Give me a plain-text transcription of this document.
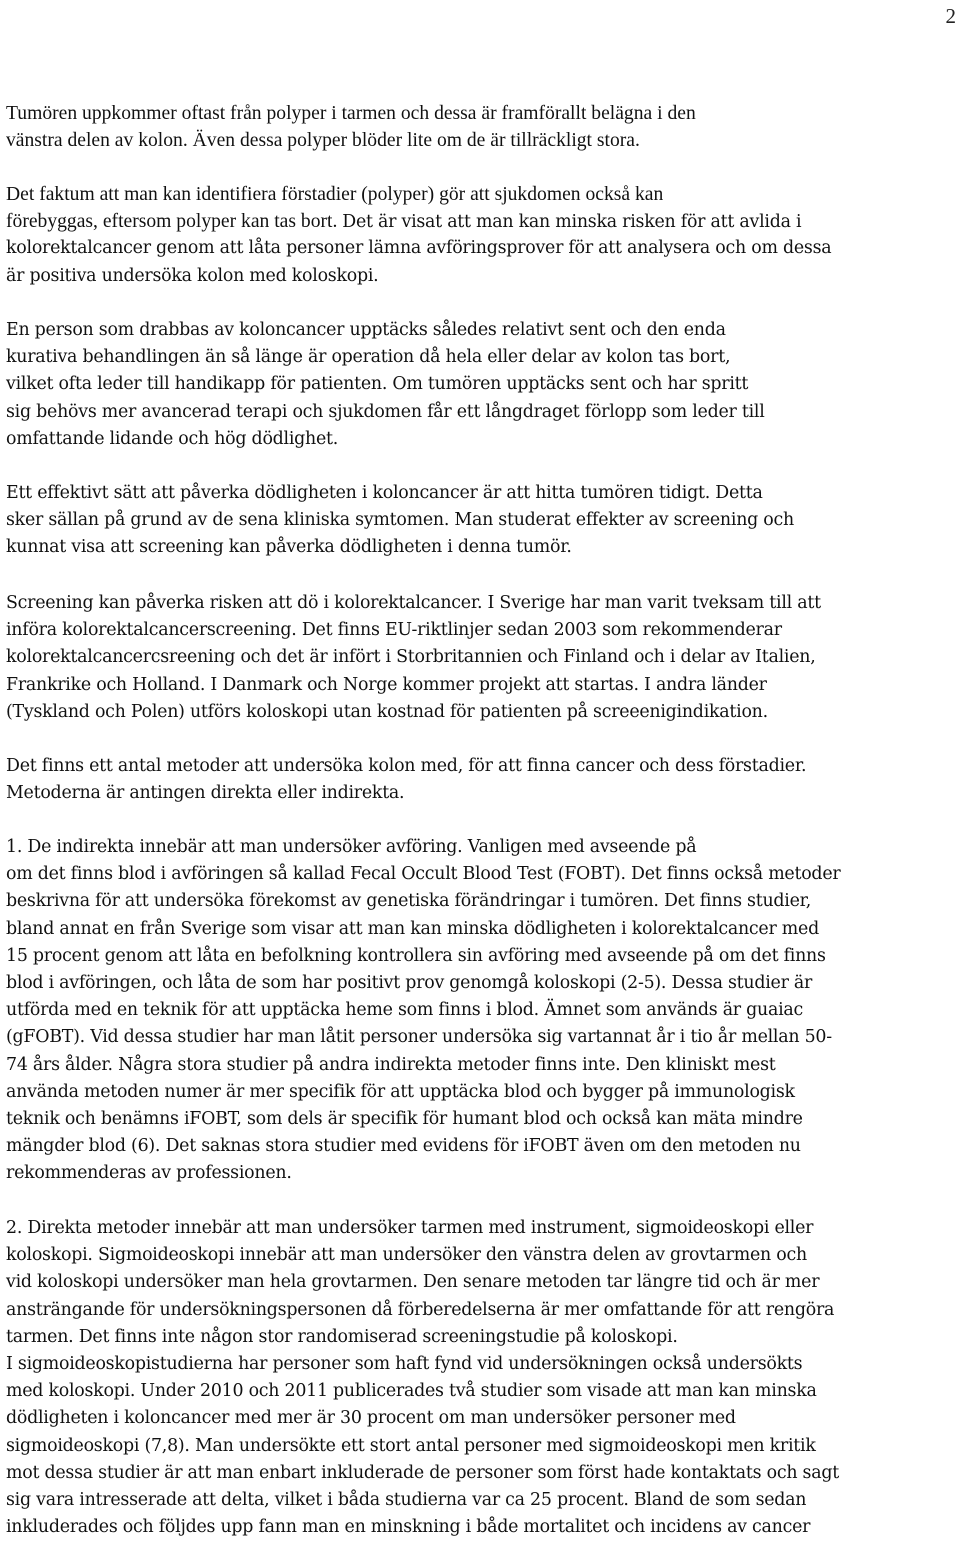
2
Tumören uppkommer oftast från polyper i tarmen och dessa är framförallt belägna i den
vänstra delen av kolon. Även dessa polyper blöder lite om de är tillräckligt stora.
Det faktum att man kan identifiera förstadier (polyper) gör att sjukdomen också kan
förebyggas, eftersom polyper kan tas bort. Det är visat att man kan minska risken för att avlida i
kolorektalcancer genom att låta personer lämna avföringsprover för att analysera och om dessa
är positiva undersöka kolon med koloskopi.
En person som drabbas av koloncancer upptäcks således relativt sent och den enda
kurativa behandlingen än så länge är operation då hela eller delar av kolon tas bort,
vilket ofta leder till handikapp för patienten. Om tumören upptäcks sent och har spritt
sig behövs mer avancerad terapi och sjukdomen får ett långdraget förlopp som leder till
omfattande lidande och hög dödlighet.
Ett effektivt sätt att påverka dödligheten i koloncancer är att hitta tumören tidigt. Detta
sker sällan på grund av de sena kliniska symtomen. Man studerat effekter av screening och
kunnat visa att screening kan påverka dödligheten i denna tumör.
Screening kan påverka risken att dö i kolorektalcancer. I Sverige har man varit tveksam till att
införa kolorektalcancerscreening. Det finns EU-riktlinjer sedan 2003 som rekommenderar
kolorektalcancercsreening och det är infört i Storbritannien och Finland och i delar av Italien,
Frankrike och Holland. I Danmark och Norge kommer projekt att startas. I andra länder
(Tyskland och Polen) utförs koloskopi utan kostnad för patienten på screeenigindikation.
Det finns ett antal metoder att undersöka kolon med, för att finna cancer och dess förstadier.
Metoderna är antingen direkta eller indirekta.
1. De indirekta innebär att man undersöker avföring. Vanligen med avseende på
om det finns blod i avföringen så kallad Fecal Occult Blood Test (FOBT). Det finns också metoder
beskrivna för att undersöka förekomst av genetiska förändringar i tumören. Det finns studier,
bland annat en från Sverige som visar att man kan minska dödligheten i kolorektalcancer med
15 procent genom att låta en befolkning kontrollera sin avföring med avseende på om det finns
blod i avföringen, och låta de som har positivt prov genomgå koloskopi (2-5). Dessa studier är
utförda med en teknik för att upptäcka heme som finns i blod. Ämnet som används är guaiac
(gFOBT). Vid dessa studier har man låtit personer undersöka sig vartannat år i tio år mellan 50-
74 års ålder. Några stora studier på andra indirekta metoder finns inte. Den kliniskt mest
använda metoden numer är mer specifik för att upptäcka blod och bygger på immunologisk
teknik och benämns iFOBT, som dels är specifik för humant blod och också kan mäta mindre
mängder blod (6). Det saknas stora studier med evidens för iFOBT även om den metoden nu
rekommenderas av professionen.
2. Direkta metoder innebär att man undersöker tarmen med instrument, sigmoideoskopi eller
koloskopi. Sigmoideoskopi innebär att man undersöker den vänstra delen av grovtarmen och
vid koloskopi undersöker man hela grovtarmen. Den senare metoden tar längre tid och är mer
ansträngande för undersökningspersonen då förberedelserna är mer omfattande för att rengöra
tarmen. Det finns inte någon stor randomiserad screeningstudie på koloskopi.
I sigmoideoskopistudierna har personer som haft fynd vid undersökningen också undersökts
med koloskopi. Under 2010 och 2011 publicerades två studier som visade att man kan minska
dödligheten i koloncancer med mer är 30 procent om man undersöker personer med
sigmoideoskopi (7,8). Man undersökte ett stort antal personer med sigmoideoskopi men kritik
mot dessa studier är att man enbart inkluderade de personer som först hade kontaktats och sagt
sig vara intresserade att delta, vilket i båda studierna var ca 25 procent. Bland de som sedan
inkluderades och följdes upp fann man en minskning i både mortalitet och incidens av cancer
